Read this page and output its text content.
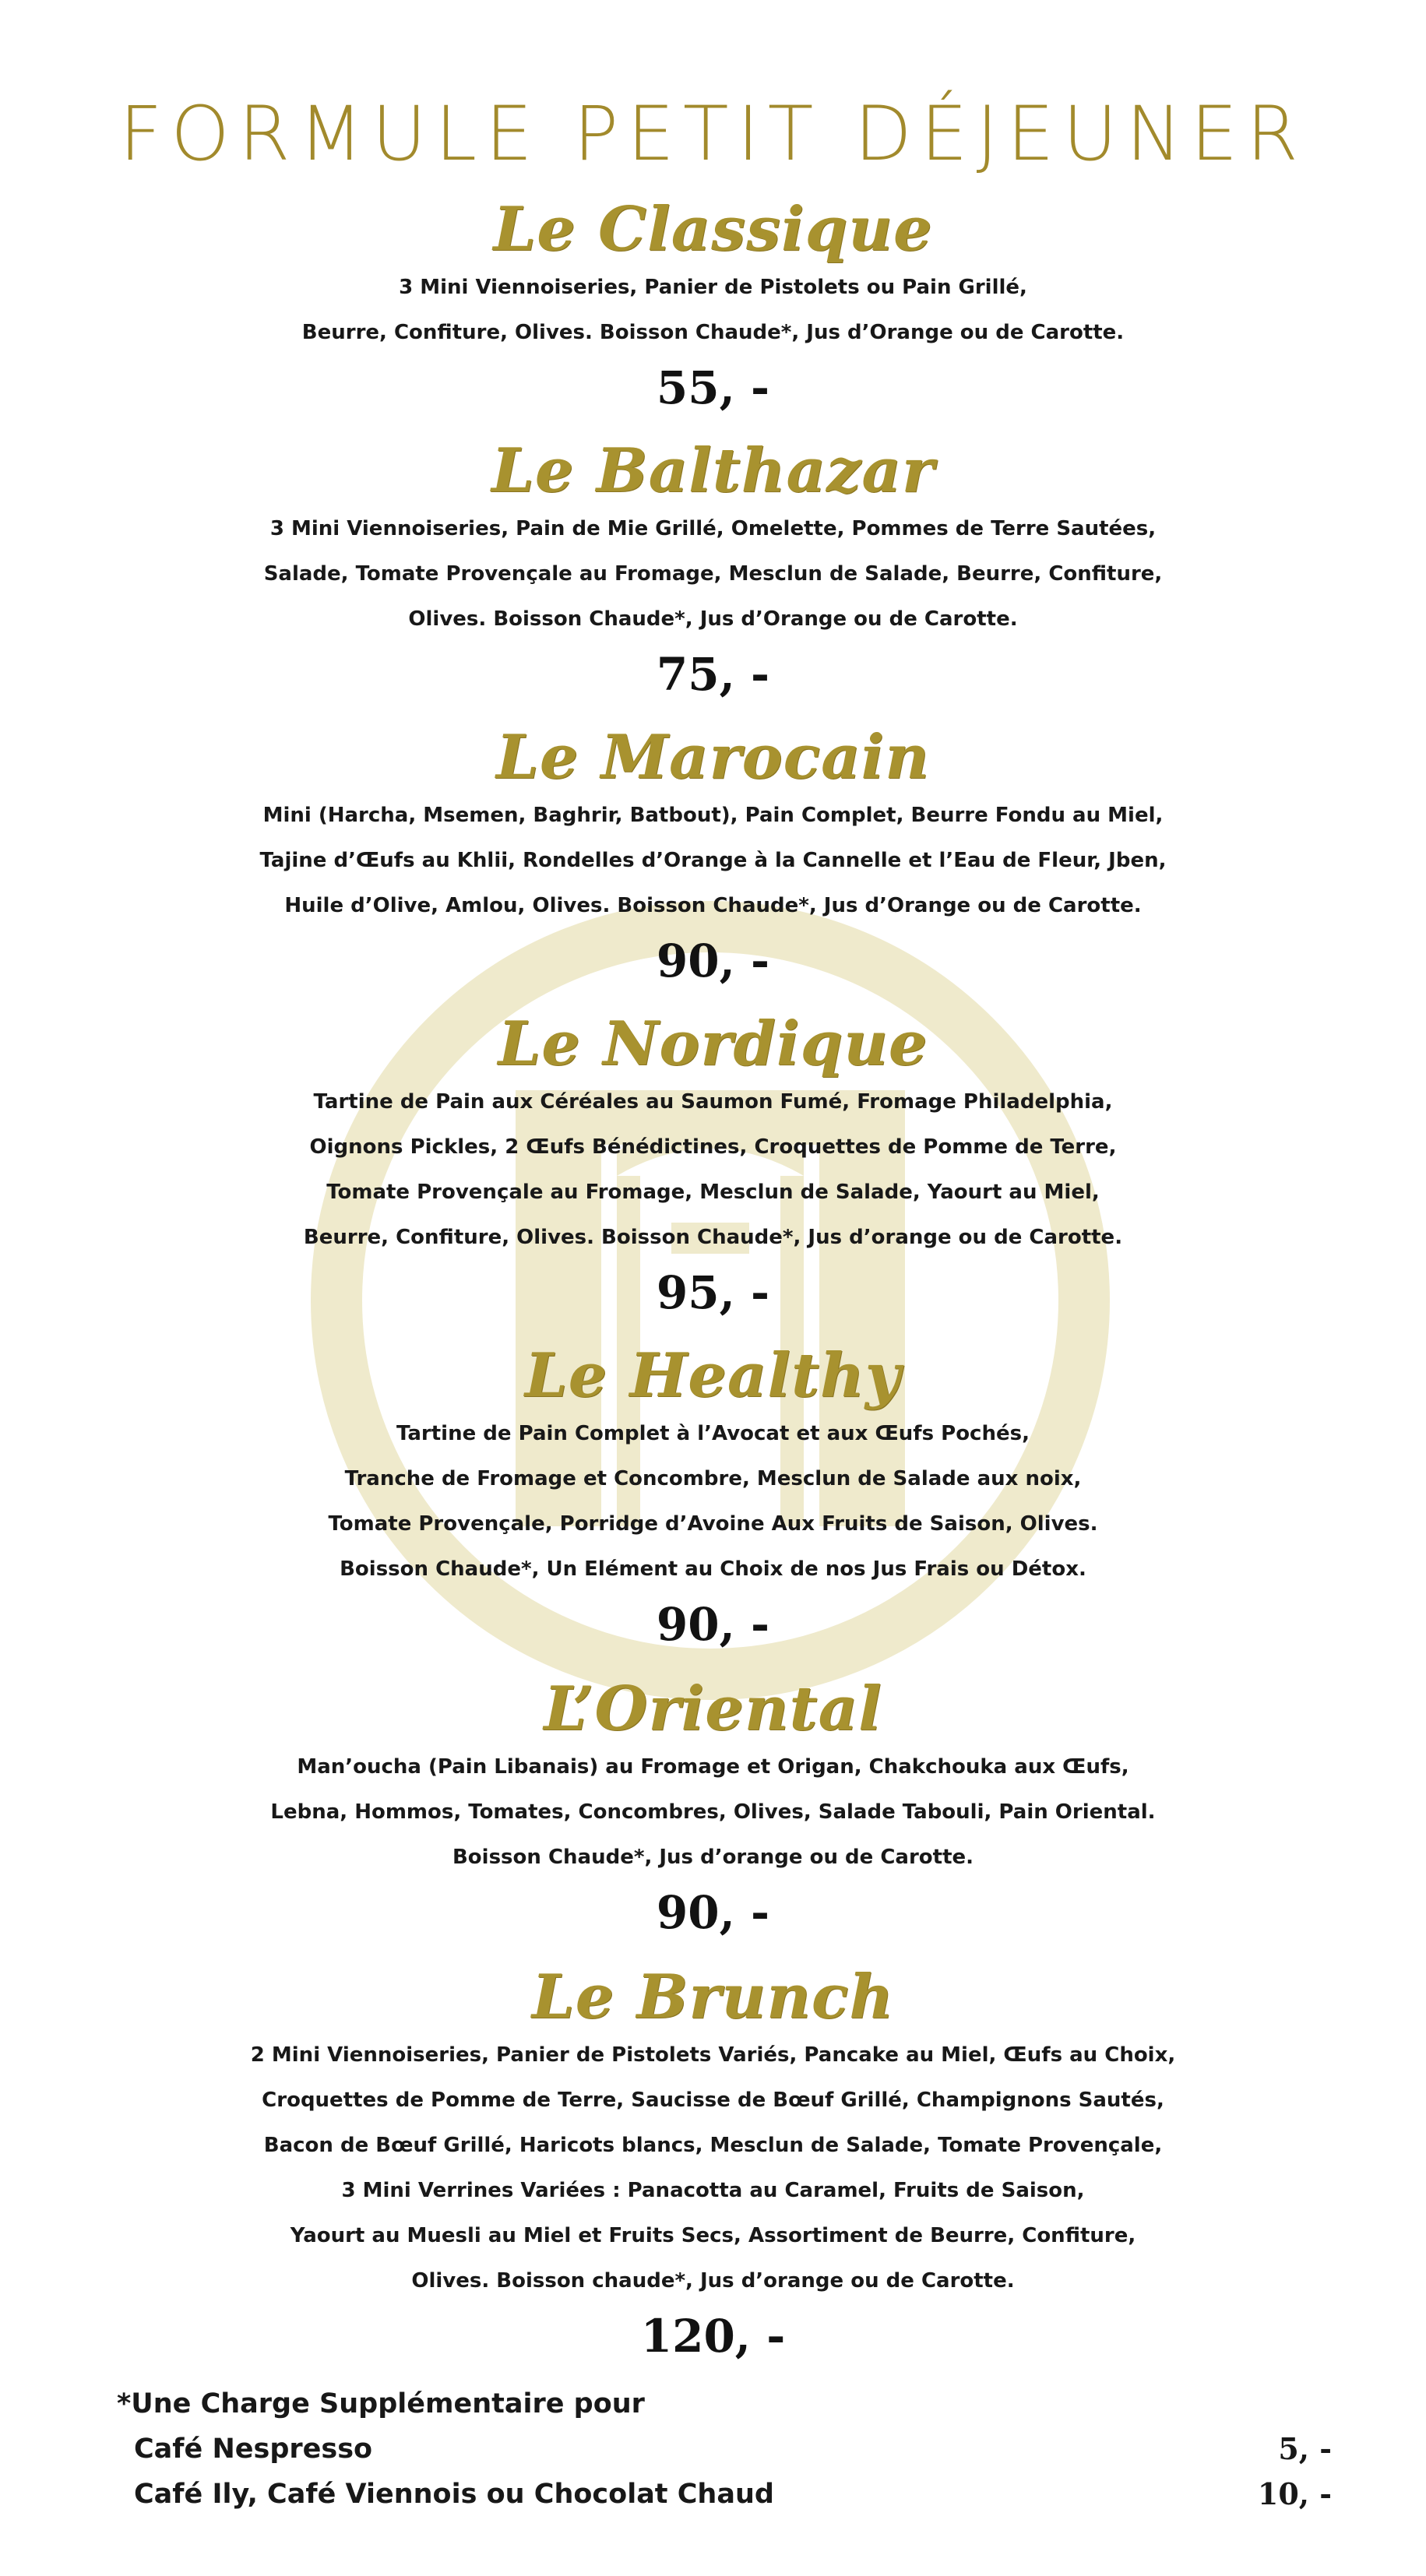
FORMULE PETIT DÉJEUNER
Le Classique
3 Mini Viennoiseries, Panier de Pistolets ou Pain Grillé,
Beurre, Confiture, Olives. Boisson Chaude*, Jus d’Orange ou de Carotte.
55, -
Le Balthazar
3 Mini Viennoiseries, Pain de Mie Grillé, Omelette, Pommes de Terre Sautées,
Salade, Tomate Provençale au Fromage, Mesclun de Salade, Beurre, Confiture,
Olives. Boisson Chaude*, Jus d’Orange ou de Carotte.
75, -
Le Marocain
Mini (Harcha, Msemen, Baghrir, Batbout), Pain Complet, Beurre Fondu au Miel,
Tajine d’Œufs au Khlii, Rondelles d’Orange à la Cannelle et l’Eau de Fleur, Jben,
Huile d’Olive, Amlou, Olives. Boisson Chaude*, Jus d’Orange ou de Carotte.
90, -
Le Nordique
Tartine de Pain aux Céréales au Saumon Fumé, Fromage Philadelphia,
Oignons Pickles, 2 Œufs Bénédictines, Croquettes de Pomme de Terre,
Tomate Provençale au Fromage, Mesclun de Salade, Yaourt au Miel,
Beurre, Confiture, Olives. Boisson Chaude*, Jus d’orange ou de Carotte.
95, -
Le Healthy
Tartine de Pain Complet à l’Avocat et aux Œufs Pochés,
Tranche de Fromage et Concombre, Mesclun de Salade aux noix,
Tomate Provençale, Porridge d’Avoine Aux Fruits de Saison, Olives.
Boisson Chaude*, Un Elément au Choix de nos Jus Frais ou Détox.
90, -
L’Oriental
Man’oucha (Pain Libanais) au Fromage et Origan, Chakchouka aux Œufs,
Lebna, Hommos, Tomates, Concombres, Olives, Salade Tabouli, Pain Oriental.
Boisson Chaude*, Jus d’orange ou de Carotte.
90, -
Le Brunch
2 Mini Viennoiseries, Panier de Pistolets Variés, Pancake au Miel, Œufs au Choix,
Croquettes de Pomme de Terre, Saucisse de Bœuf Grillé, Champignons Sautés,
Bacon de Bœuf Grillé, Haricots blancs, Mesclun de Salade, Tomate Provençale,
3 Mini Verrines Variées : Panacotta au Caramel, Fruits de Saison,
Yaourt au Muesli au Miel et Fruits Secs, Assortiment de Beurre, Confiture,
Olives. Boisson chaude*, Jus d’orange ou de Carotte.
120, -
*Une Charge Supplémentaire pour
Café Nespresso	5, -
Café Ily, Café Viennois ou Chocolat Chaud	10, -
